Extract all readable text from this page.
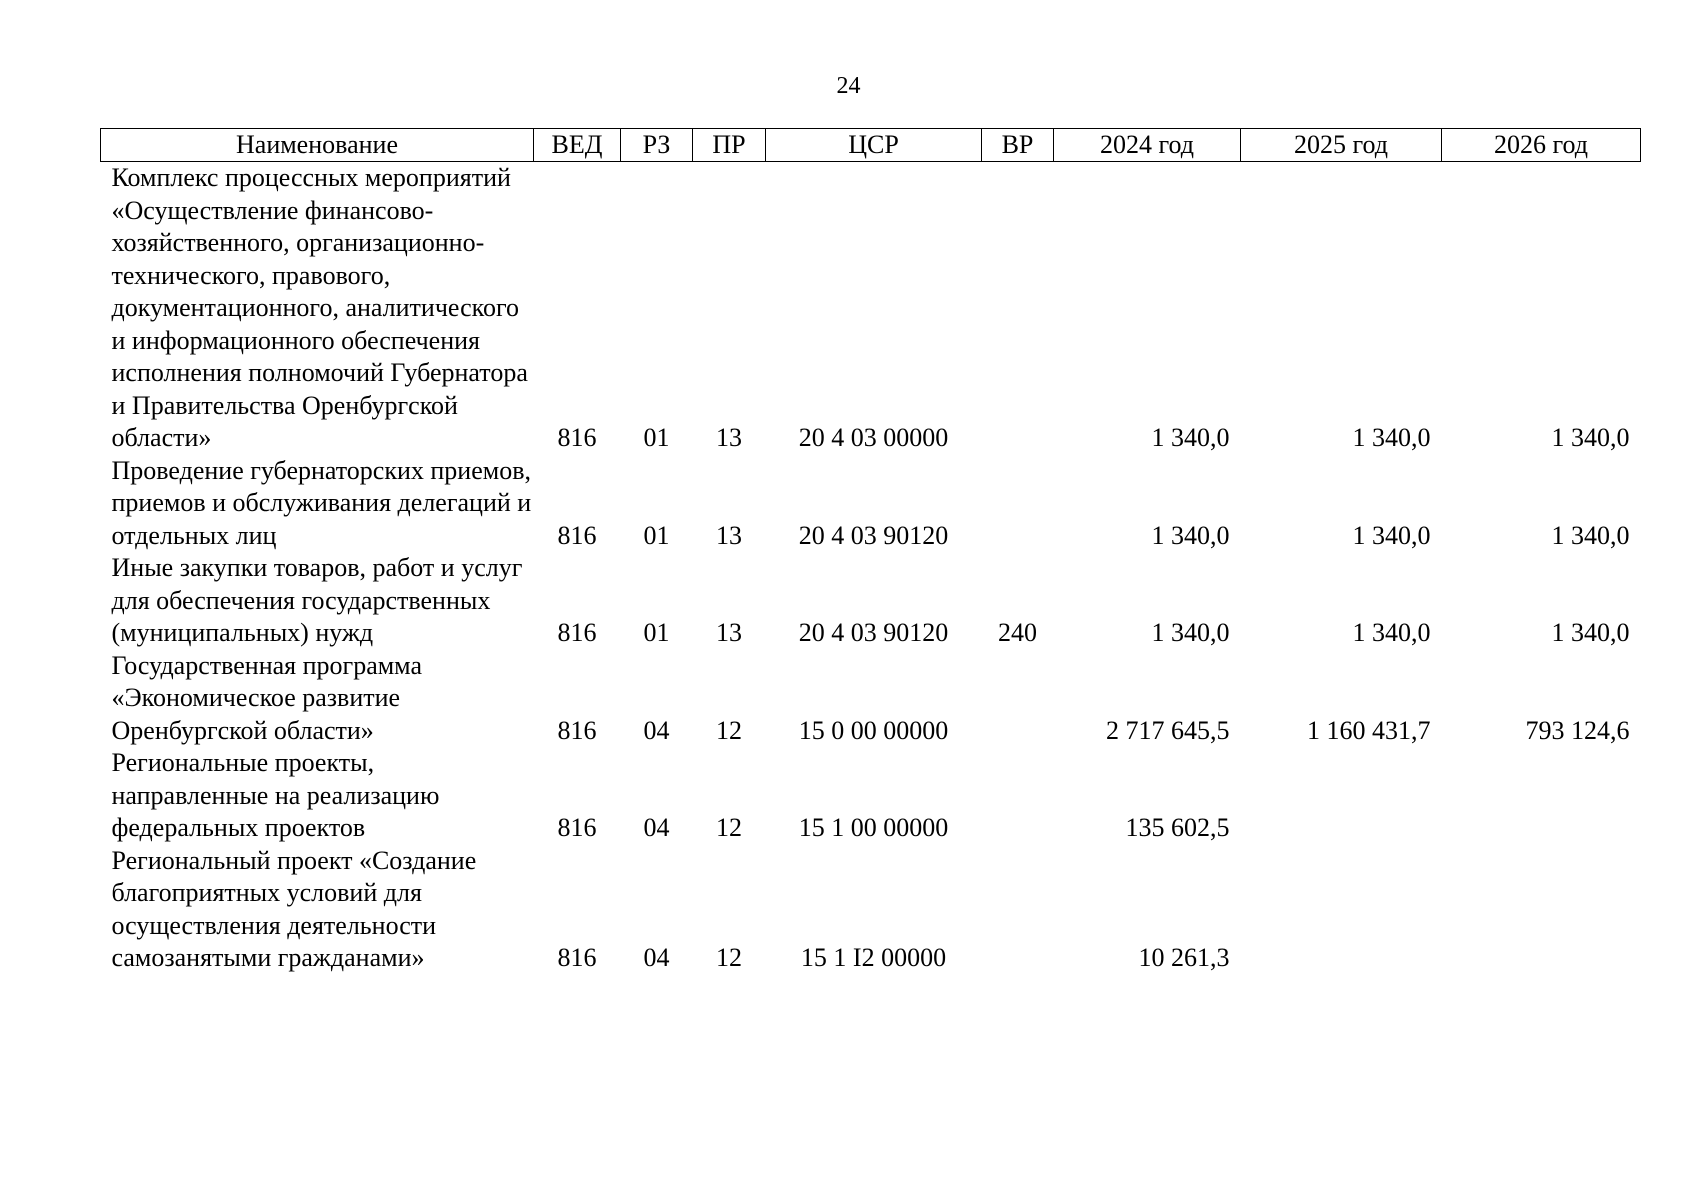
24
Наименование	ВЕД	РЗ	ПР	ЦСР	ВР	2024 год	2025 год	2026 год
Комплекс процессных мероприятий «Осуществление финансово-хозяйственного, организационно-технического, правового, документационного, аналитического и информационного обеспечения исполнения полномочий Губернатора и Правительства Оренбургской области»	816	01	13	20 4 03 00000		1 340,0	1 340,0	1 340,0
Проведение губернаторских приемов, приемов и обслуживания делегаций и отдельных лиц	816	01	13	20 4 03 90120		1 340,0	1 340,0	1 340,0
Иные закупки товаров, работ и услуг для обеспечения государственных (муниципальных) нужд	816	01	13	20 4 03 90120	240	1 340,0	1 340,0	1 340,0
Государственная программа «Экономическое развитие Оренбургской области»	816	04	12	15 0 00 00000		2 717 645,5	1 160 431,7	793 124,6
Региональные проекты, направленные на реализацию федеральных проектов	816	04	12	15 1 00 00000		135 602,5		
Региональный проект «Создание благоприятных условий для осуществления деятельности самозанятыми гражданами»	816	04	12	15 1 I2 00000		10 261,3		
